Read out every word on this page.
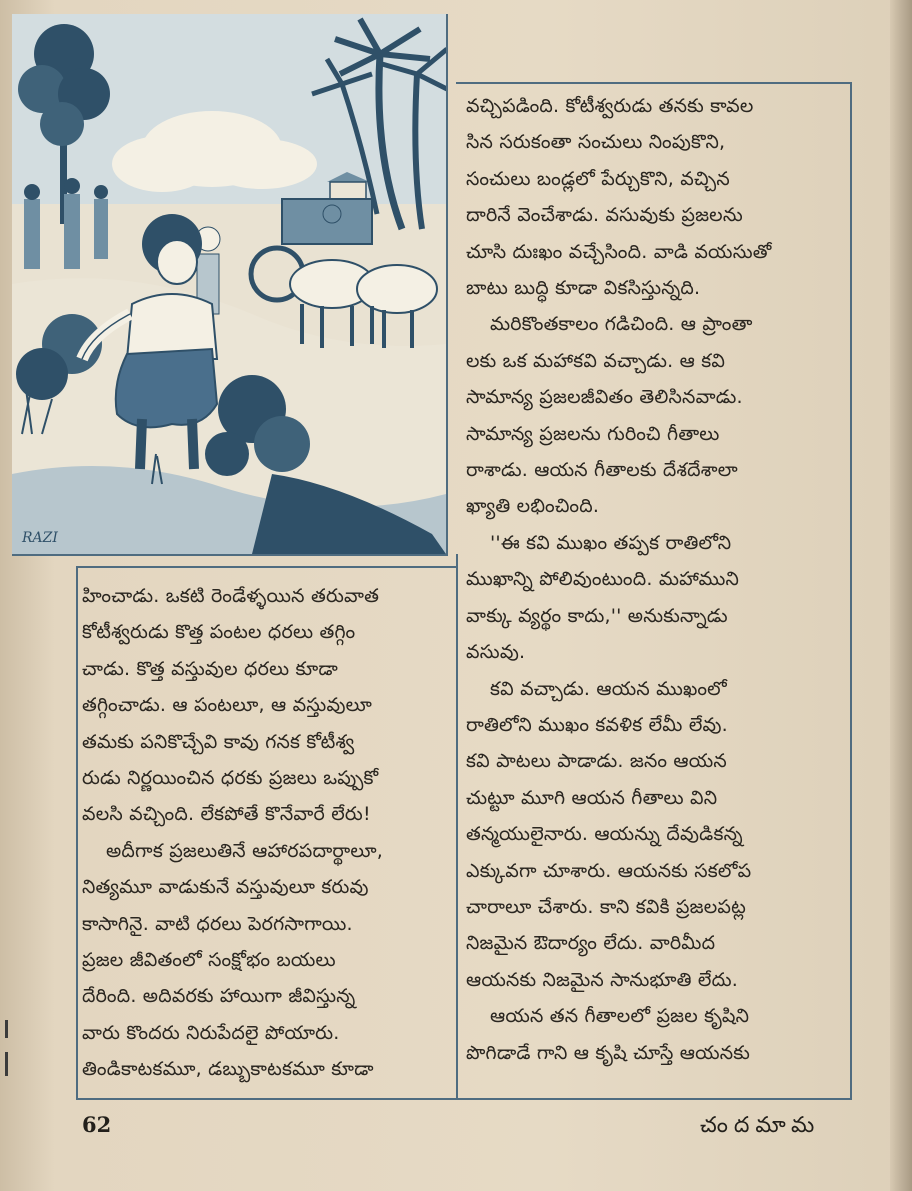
RAZI

వచ్చిపడింది. కోటీశ్వరుడు తనకు కావల

సిన సరుకంతా సంచులు నింపుకొని,

సంచులు బండ్లలో పేర్చుకొని, వచ్చిన

దారినే వెంచేశాడు. వసువుకు ప్రజలను

చూసి దుఃఖం వచ్చేసింది. వాడి వయసుతో

బాటు బుద్ధి కూడా వికసిస్తున్నది.

మరికొంతకాలం గడిచింది. ఆ ప్రాంతా

లకు ఒక మహాకవి వచ్చాడు. ఆ కవి

సామాన్య ప్రజలజీవితం తెలిసినవాడు.

సామాన్య ప్రజలను గురించి గీతాలు

రాశాడు. ఆయన గీతాలకు దేశదేశాలా

ఖ్యాతి లభించింది.

''ఈ కవి ముఖం తప్పక రాతిలోని

ముఖాన్ని పోలివుంటుంది. మహాముని

వాక్కు వ్యర్థం కాదు,'' అనుకున్నాడు

వసువు.

కవి వచ్చాడు. ఆయన ముఖంలో

రాతిలోని ముఖం కవళిక లేమీ లేవు.

కవి పాటలు పాడాడు. జనం ఆయన

చుట్టూ మూగి ఆయన గీతాలు విని

తన్మయులైనారు. ఆయన్ను దేవుడికన్న

ఎక్కువగా చూశారు. ఆయనకు సకలోప

చారాలూ చేశారు. కాని కవికి ప్రజలపట్ల

నిజమైన ఔదార్యం లేదు. వారిమీద

ఆయనకు నిజమైన సానుభూతి లేదు.

ఆయన తన గీతాలలో ప్రజల కృషిని

పొగిడాడే గాని ఆ కృషి చూస్తే ఆయనకు

హించాడు. ఒకటి రెండేళ్ళయిన తరువాత

కోటీశ్వరుడు కొత్త పంటల ధరలు తగ్గిం

చాడు. కొత్త వస్తువుల ధరలు కూడా

తగ్గించాడు. ఆ పంటలూ, ఆ వస్తువులూ

తమకు పనికొచ్చేవి కావు గనక కోటీశ్వ

రుడు నిర్ణయించిన ధరకు ప్రజలు ఒప్పుకో

వలసి వచ్చింది. లేకపోతే కొనేవారే లేరు!

అదీగాక ప్రజలుతినే ఆహారపదార్థాలూ,

నిత్యమూ వాడుకునే వస్తువులూ కరువు

కాసాగినై. వాటి ధరలు పెరగసాగాయి.

ప్రజల జీవితంలో సంక్షోభం బయలు

దేరింది. అదివరకు హాయిగా జీవిస్తున్న

వారు కొందరు నిరుపేదలై పోయారు.

తిండికాటకమూ, డబ్బుకాటకమూ కూడా

62	చందమామ
